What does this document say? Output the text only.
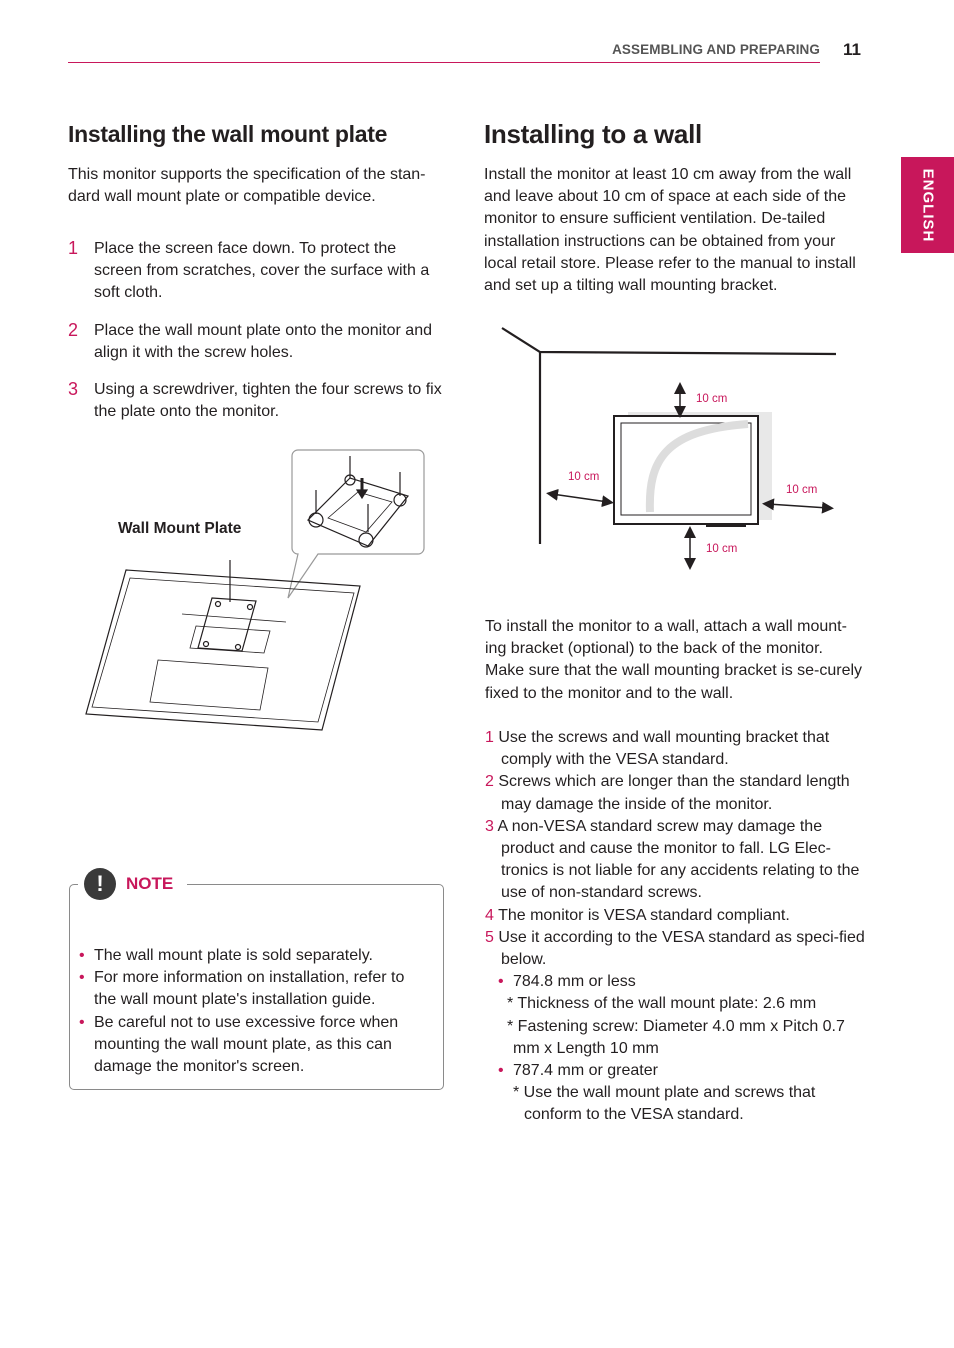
ASSEMBLING AND PREPARING 11
ENGLISH
Installing the wall mount plate

This monitor supports the specification of the stan-dard wall mount plate or compatible device.

1 Place the screen face down. To protect the screen from scratches, cover the surface with a soft cloth.
2 Place the wall mount plate onto the monitor and align it with the screw holes.
3 Using a screwdriver, tighten the four screws to fix the plate onto the monitor.
Wall Mount Plate
!	NOTE
• The wall mount plate is sold separately.
• For more information on installation, refer to the wall mount plate's installation guide.
• Be careful not to use excessive force when mounting the wall mount plate, as this can damage the monitor's screen.
Installing to a wall

Install the monitor at least 10 cm away from the wall and leave about 10 cm of space at each side of the monitor to ensure sufficient ventilation. De-tailed installation instructions can be obtained from your local retail store. Please refer to the manual to install and set up a tilting wall mounting bracket.

10 cm
10 cm
10 cm
10 cm

To install the monitor to a wall, attach a wall mount-ing bracket (optional) to the back of the monitor. Make sure that the wall mounting bracket is se-curely fixed to the monitor and to the wall.

1 Use the screws and wall mounting bracket that comply with the VESA standard.
2 Screws which are longer than the standard length may damage the inside of the monitor.
3 A non-VESA standard screw may damage the product and cause the monitor to fall. LG Elec-tronics is not liable for any accidents relating to the use of non-standard screws.
4 The monitor is VESA standard compliant.
5 Use it according to the VESA standard as speci-fied below.
• 784.8 mm or less
* Thickness of the wall mount plate: 2.6 mm
* Fastening screw: Diameter 4.0 mm x Pitch 0.7 mm x Length 10 mm
• 787.4 mm or greater
* Use the wall mount plate and screws that conform to the VESA standard.
